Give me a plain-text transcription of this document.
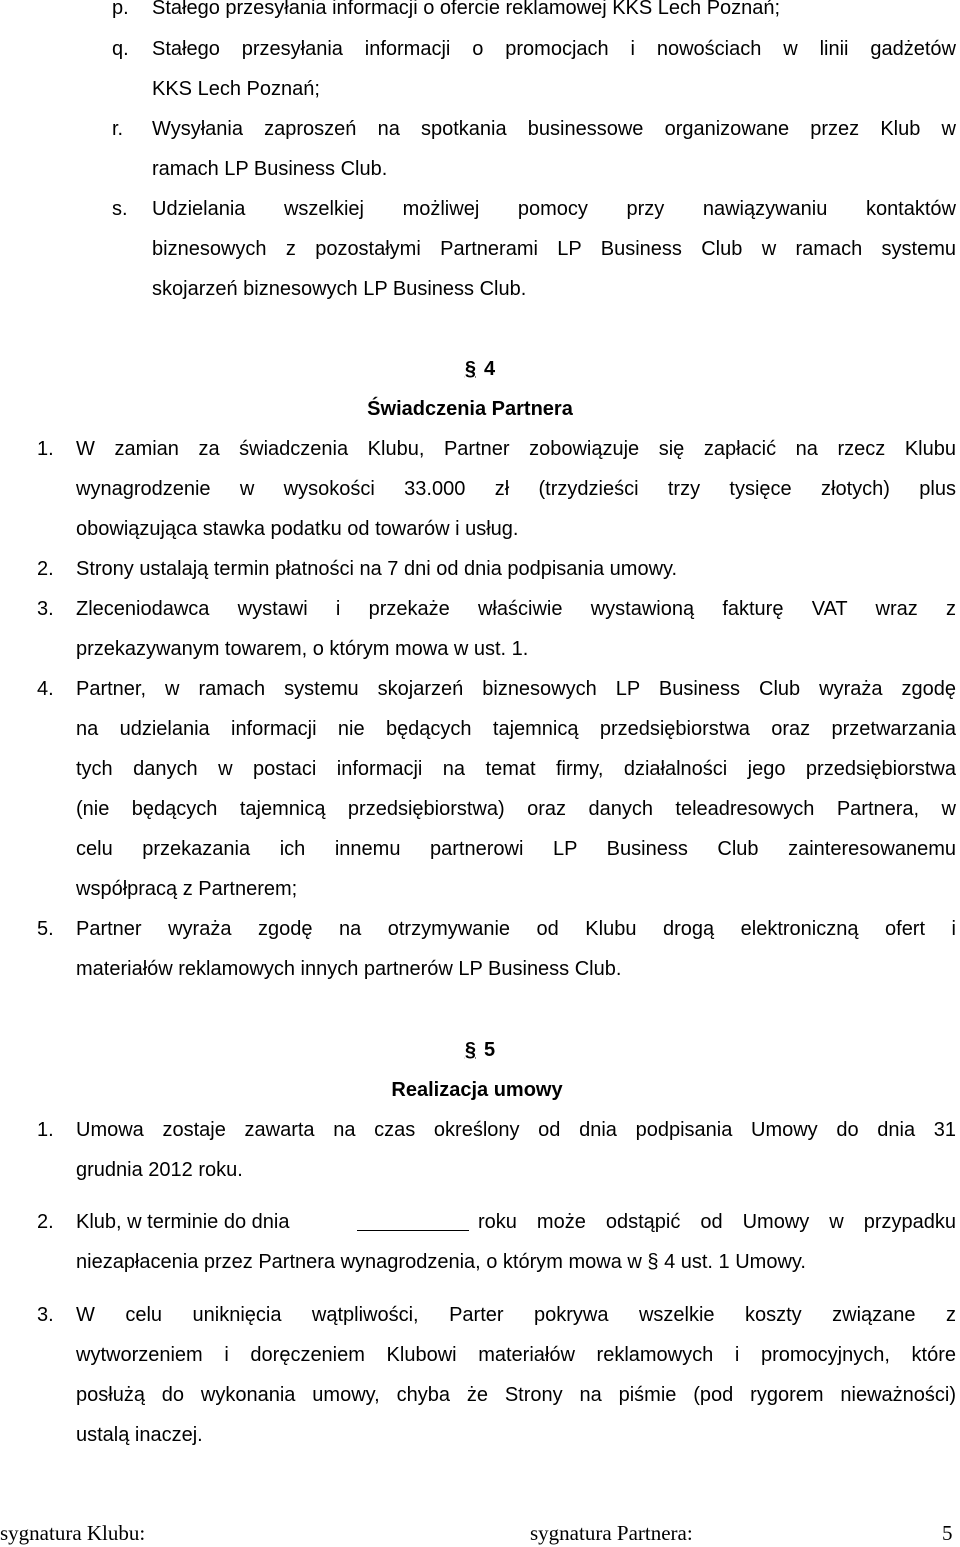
p. Stałego przesyłania informacji o ofercie reklamowej KKS Lech Poznań;
q. Stałego przesyłania informacji o promocjach i nowościach w linii gadżetów
KKS Lech Poznań;
r. Wysyłania zaproszeń na spotkania businessowe organizowane przez Klub w
ramach LP Business Club.
s. Udzielania wszelkiej możliwej pomocy przy nawiązywaniu kontaktów
biznesowych z pozostałymi Partnerami LP Business Club w ramach systemu
skojarzeń biznesowych LP Business Club.
§ 4
Świadczenia Partnera
1. W zamian za świadczenia Klubu, Partner zobowiązuje się zapłacić na rzecz Klubu
wynagrodzenie w wysokości 33.000 zł (trzydzieści trzy tysięce złotych) plus
obowiązująca stawka podatku od towarów i usług.
2. Strony ustalają termin płatności na 7 dni od dnia podpisania umowy.
3. Zleceniodawca wystawi i przekaże właściwie wystawioną fakturę VAT wraz z
przekazywanym towarem, o którym mowa w ust. 1.
4. Partner, w ramach systemu skojarzeń biznesowych LP Business Club wyraża zgodę
na udzielania informacji nie będących tajemnicą przedsiębiorstwa oraz przetwarzania
tych danych w postaci informacji na temat firmy, działalności jego przedsiębiorstwa
(nie będących tajemnicą przedsiębiorstwa) oraz danych teleadresowych Partnera, w
celu przekazania ich innemu partnerowi LP Business Club zainteresowanemu
współpracą z Partnerem;
5. Partner wyraża zgodę na otrzymywanie od Klubu drogą elektroniczną ofert i
materiałów reklamowych innych partnerów LP Business Club.
§ 5
Realizacja umowy
1. Umowa zostaje zawarta na czas określony od dnia podpisania Umowy do dnia 31
grudnia 2012 roku.
2. Klub, w terminie do dnia	roku może odstąpić od Umowy w przypadku
niezapłacenia przez Partnera wynagrodzenia, o którym mowa w § 4 ust. 1 Umowy.
3. W celu uniknięcia wątpliwości, Parter pokrywa wszelkie koszty związane z
wytworzeniem i doręczeniem Klubowi materiałów reklamowych i promocyjnych, które
posłużą do wykonania umowy, chyba że Strony na piśmie (pod rygorem nieważności)
ustalą inaczej.
sygnatura Klubu:	sygnatura Partnera:	5
